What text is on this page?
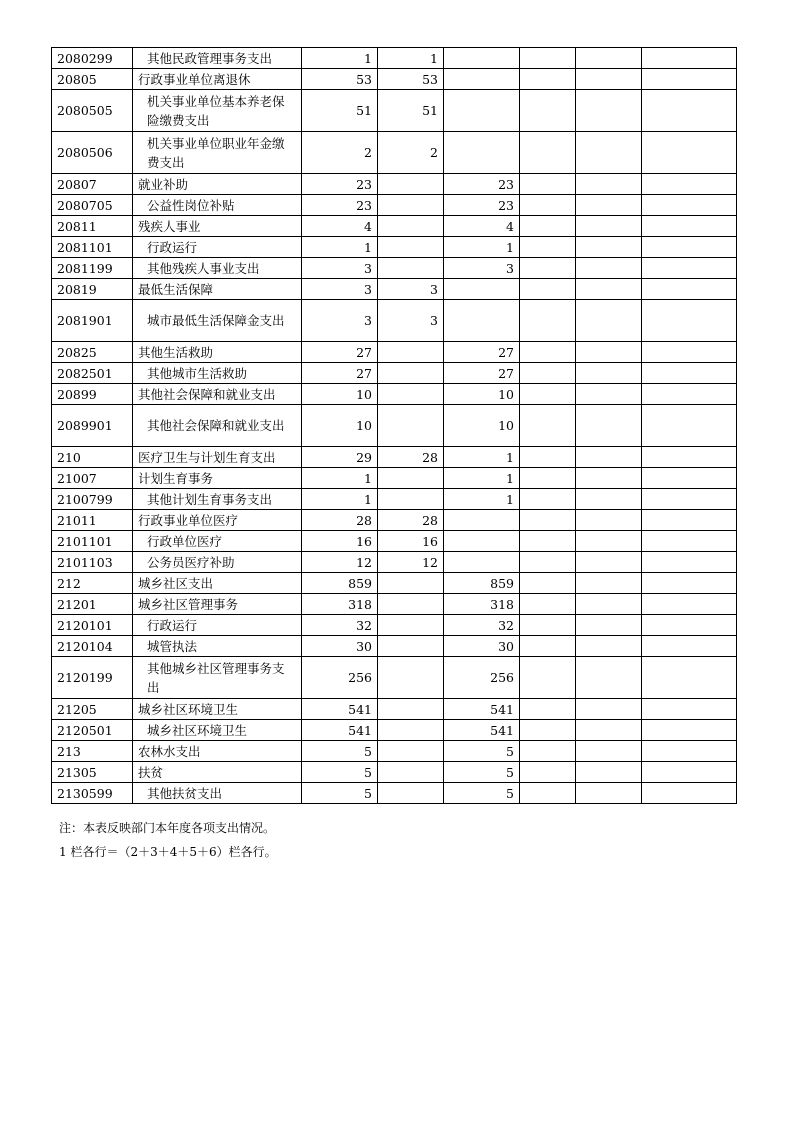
2080299	其他民政管理事务支出	1	1				
20805	行政事业单位离退休	53	53				
2080505	机关事业单位基本养老保险缴费支出	51	51				
2080506	机关事业单位职业年金缴费支出	2	2				
20807	就业补助	23		23			
2080705	公益性岗位补贴	23		23			
20811	残疾人事业	4		4			
2081101	行政运行	1		1			
2081199	其他残疾人事业支出	3		3			
20819	最低生活保障	3	3				
2081901	城市最低生活保障金支出	3	3				
20825	其他生活救助	27		27			
2082501	其他城市生活救助	27		27			
20899	其他社会保障和就业支出	10		10			
2089901	其他社会保障和就业支出	10		10			
210	医疗卫生与计划生育支出	29	28	1			
21007	计划生育事务	1		1			
2100799	其他计划生育事务支出	1		1			
21011	行政事业单位医疗	28	28				
2101101	行政单位医疗	16	16				
2101103	公务员医疗补助	12	12				
212	城乡社区支出	859		859			
21201	城乡社区管理事务	318		318			
2120101	行政运行	32		32			
2120104	城管执法	30		30			
2120199	其他城乡社区管理事务支出	256		256			
21205	城乡社区环境卫生	541		541			
2120501	城乡社区环境卫生	541		541			
213	农林水支出	5		5			
21305	扶贫	5		5			
2130599	其他扶贫支出	5		5			
注：本表反映部门本年度各项支出情况。
1 栏各行＝（2＋3＋4＋5＋6）栏各行。
